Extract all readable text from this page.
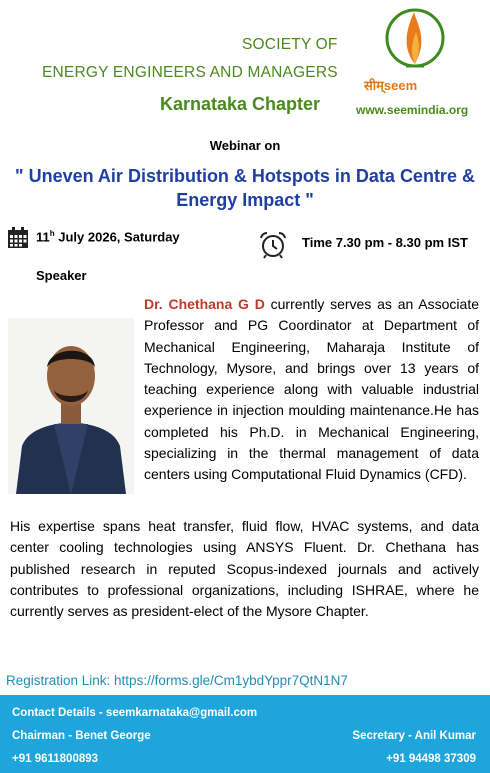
SOCIETY OF
ENERGY ENGINEERS AND MANAGERS
Karnataka Chapter
सीम्seem
www.seemindia.org
Webinar on
" Uneven Air Distribution & Hotspots in Data Centre & Energy Impact "
11$^h$ July 2026, Saturday	Time 7.30 pm - 8.30 pm IST
Speaker
Dr. Chethana G D currently serves as an Associate Professor and PG Coordinator at Department of Mechanical Engineering, Maharaja Institute of Technology, Mysore, and brings over 13 years of teaching experience along with valuable industrial experience in injection moulding maintenance.He has completed his Ph.D. in Mechanical Engineering, specializing in the thermal management of data centers using Computational Fluid Dynamics (CFD).
His expertise spans heat transfer, fluid flow, HVAC systems, and data center cooling technologies using ANSYS Fluent. Dr. Chethana has published research in reputed Scopus-indexed journals and actively contributes to professional organizations, including ISHRAE, where he currently serves as president-elect of the Mysore Chapter.
Registration Link: https://forms.gle/Cm1ybdYppr7QtN1N7
Contact Details - seemkarnataka@gmail.com
Chairman - Benet George
+91 9611800893
Secretary - Anil Kumar
+91 94498 37309
